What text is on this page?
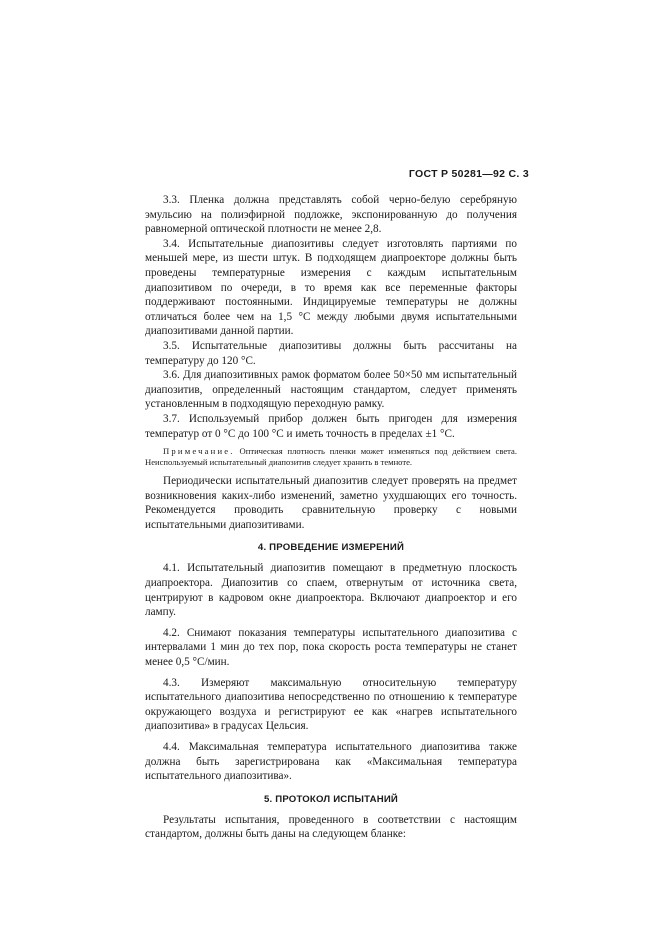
ГОСТ Р 50281—92 С. 3

3.3. Пленка должна представлять собой черно-белую серебряную эмульсию на полиэфирной подложке, экспонированную до получения равномерной оптической плотности не менее 2,8.

3.4. Испытательные диапозитивы следует изготовлять партиями по меньшей мере, из шести штук. В подходящем диапроекторе должны быть проведены температурные измерения с каждым испытательным диапозитивом по очереди, в то время как все переменные факторы поддерживают постоянными. Индицируемые температуры не должны отличаться более чем на 1,5 °С между любыми двумя испытательными диапозитивами данной партии.

3.5. Испытательные диапозитивы должны быть рассчитаны на температуру до 120 °С.

3.6. Для диапозитивных рамок форматом более 50×50 мм испытательный диапозитив, определенный настоящим стандартом, следует применять установленным в подходящую переходную рамку.

3.7. Используемый прибор должен быть пригоден для измерения температур от 0 °С до 100 °С и иметь точность в пределах ±1 °С.

Примечание. Оптическая плотность пленки может изменяться под действием света. Неиспользуемый испытательный диапозитив следует хранить в темноте.

Периодически испытательный диапозитив следует проверять на предмет возникновения каких-либо изменений, заметно ухудшающих его точность. Рекомендуется проводить сравнительную проверку с новыми испытательными диапозитивами.

4. ПРОВЕДЕНИЕ ИЗМЕРЕНИЙ

4.1. Испытательный диапозитив помещают в предметную плоскость диапроектора. Диапозитив со спаем, отвернутым от источника света, центрируют в кадровом окне диапроектора. Включают диапроектор и его лампу.

4.2. Снимают показания температуры испытательного диапозитива с интервалами 1 мин до тех пор, пока скорость роста температуры не станет менее 0,5 °С/мин.

4.3. Измеряют максимальную относительную температуру испытательного диапозитива непосредственно по отношению к температуре окружающего воздуха и регистрируют ее как «нагрев испытательного диапозитива» в градусах Цельсия.

4.4. Максимальная температура испытательного диапозитива также должна быть зарегистрирована как «Максимальная температура испытательного диапозитива».

5. ПРОТОКОЛ ИСПЫТАНИЙ

Результаты испытания, проведенного в соответствии с настоящим стандартом, должны быть даны на следующем бланке:
